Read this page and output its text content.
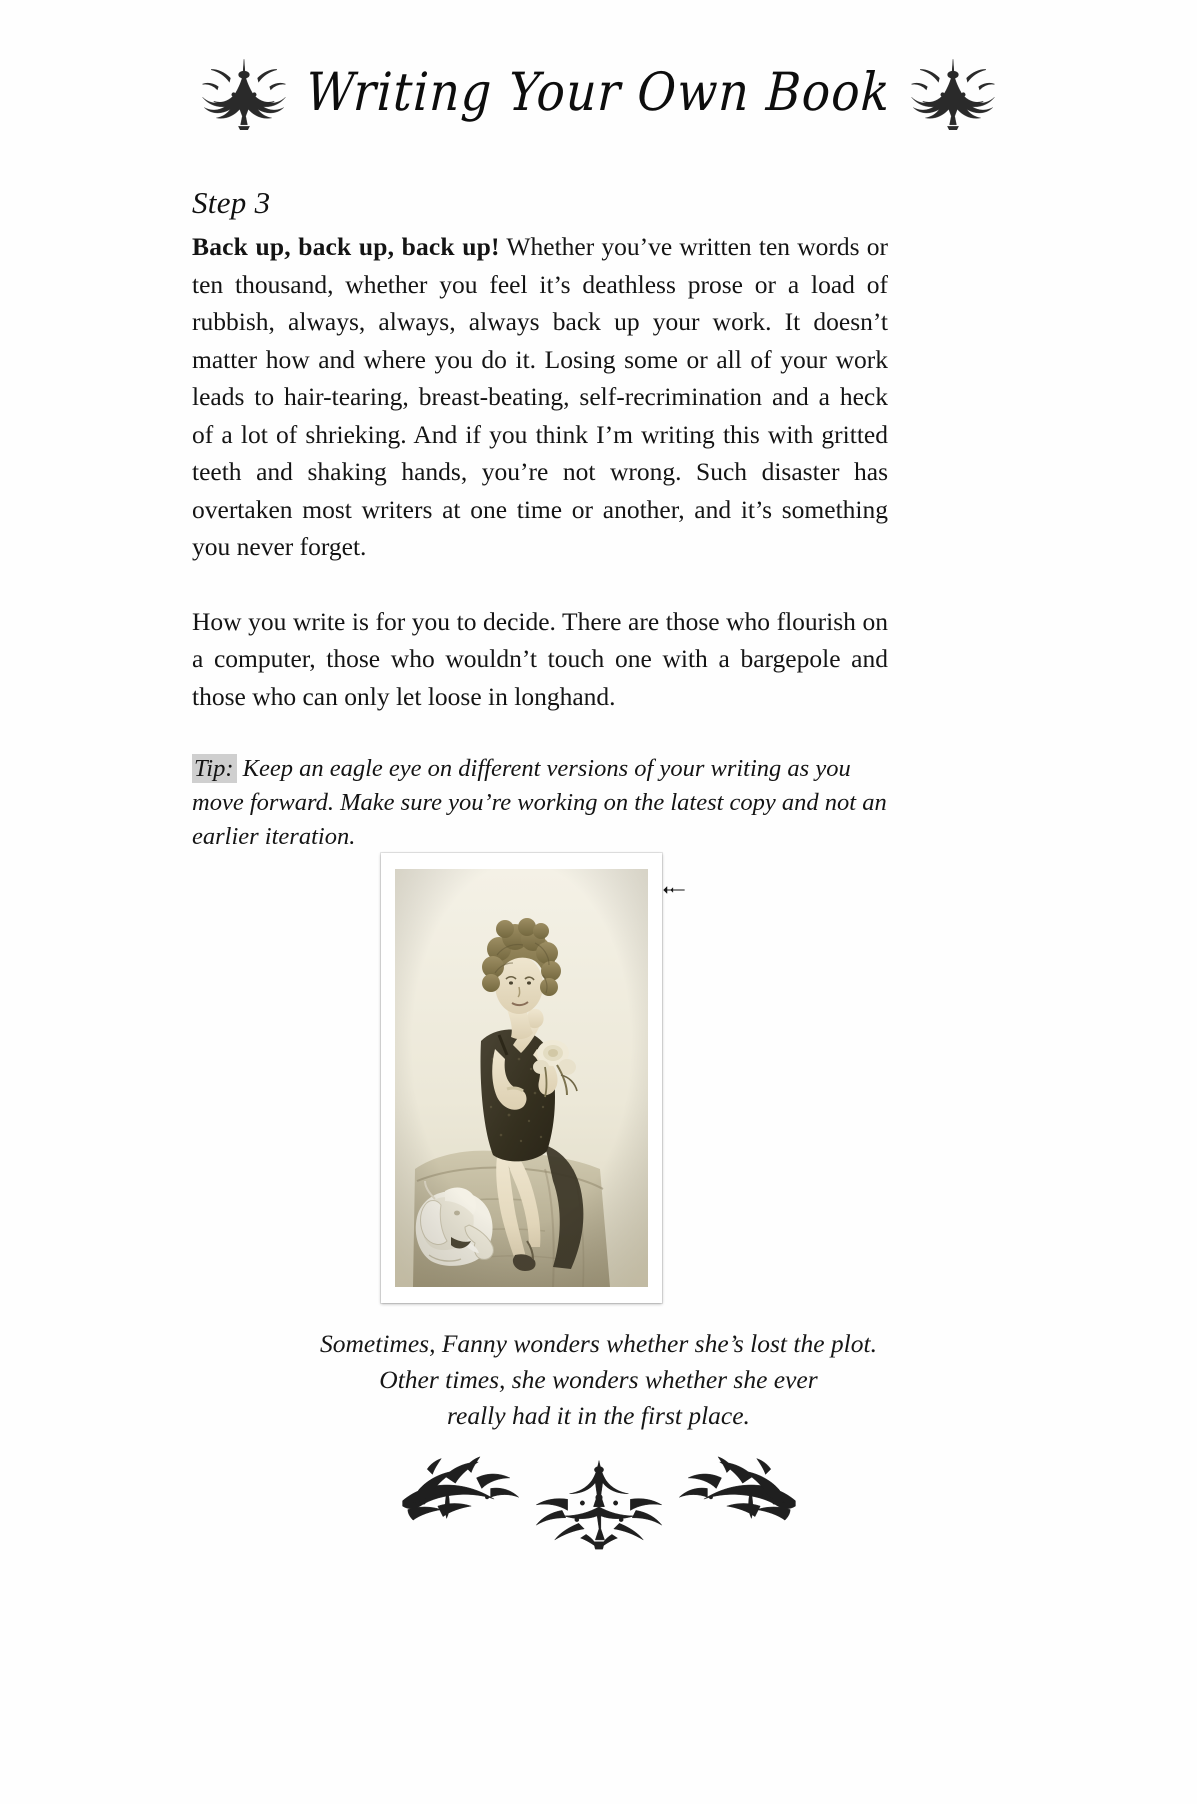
Writing Your Own Book
Step 3

Back up, back up, back up! Whether you’ve written ten words or ten thousand, whether you feel it’s deathless prose or a load of rubbish, always, always, always back up your work. It doesn’t matter how and where you do it. Losing some or all of your work leads to hair-tearing, breast-beating, self-recrimination and a heck of a lot of shrieking. And if you think I’m writing this with gritted teeth and shaking hands, you’re not wrong. Such disaster has overtaken most writers at one time or another, and it’s something you never forget.

How you write is for you to decide. There are those who flourish on a computer, those who wouldn’t touch one with a bargepole and those who can only let loose in longhand.

Tip: Keep an eagle eye on different versions of your writing as you move forward. Make sure you’re working on the latest copy and not an earlier iteration.

Sometimes, Fanny wonders whether she’s lost the plot.
Other times, she wonders whether she ever
really had it in the first place.
